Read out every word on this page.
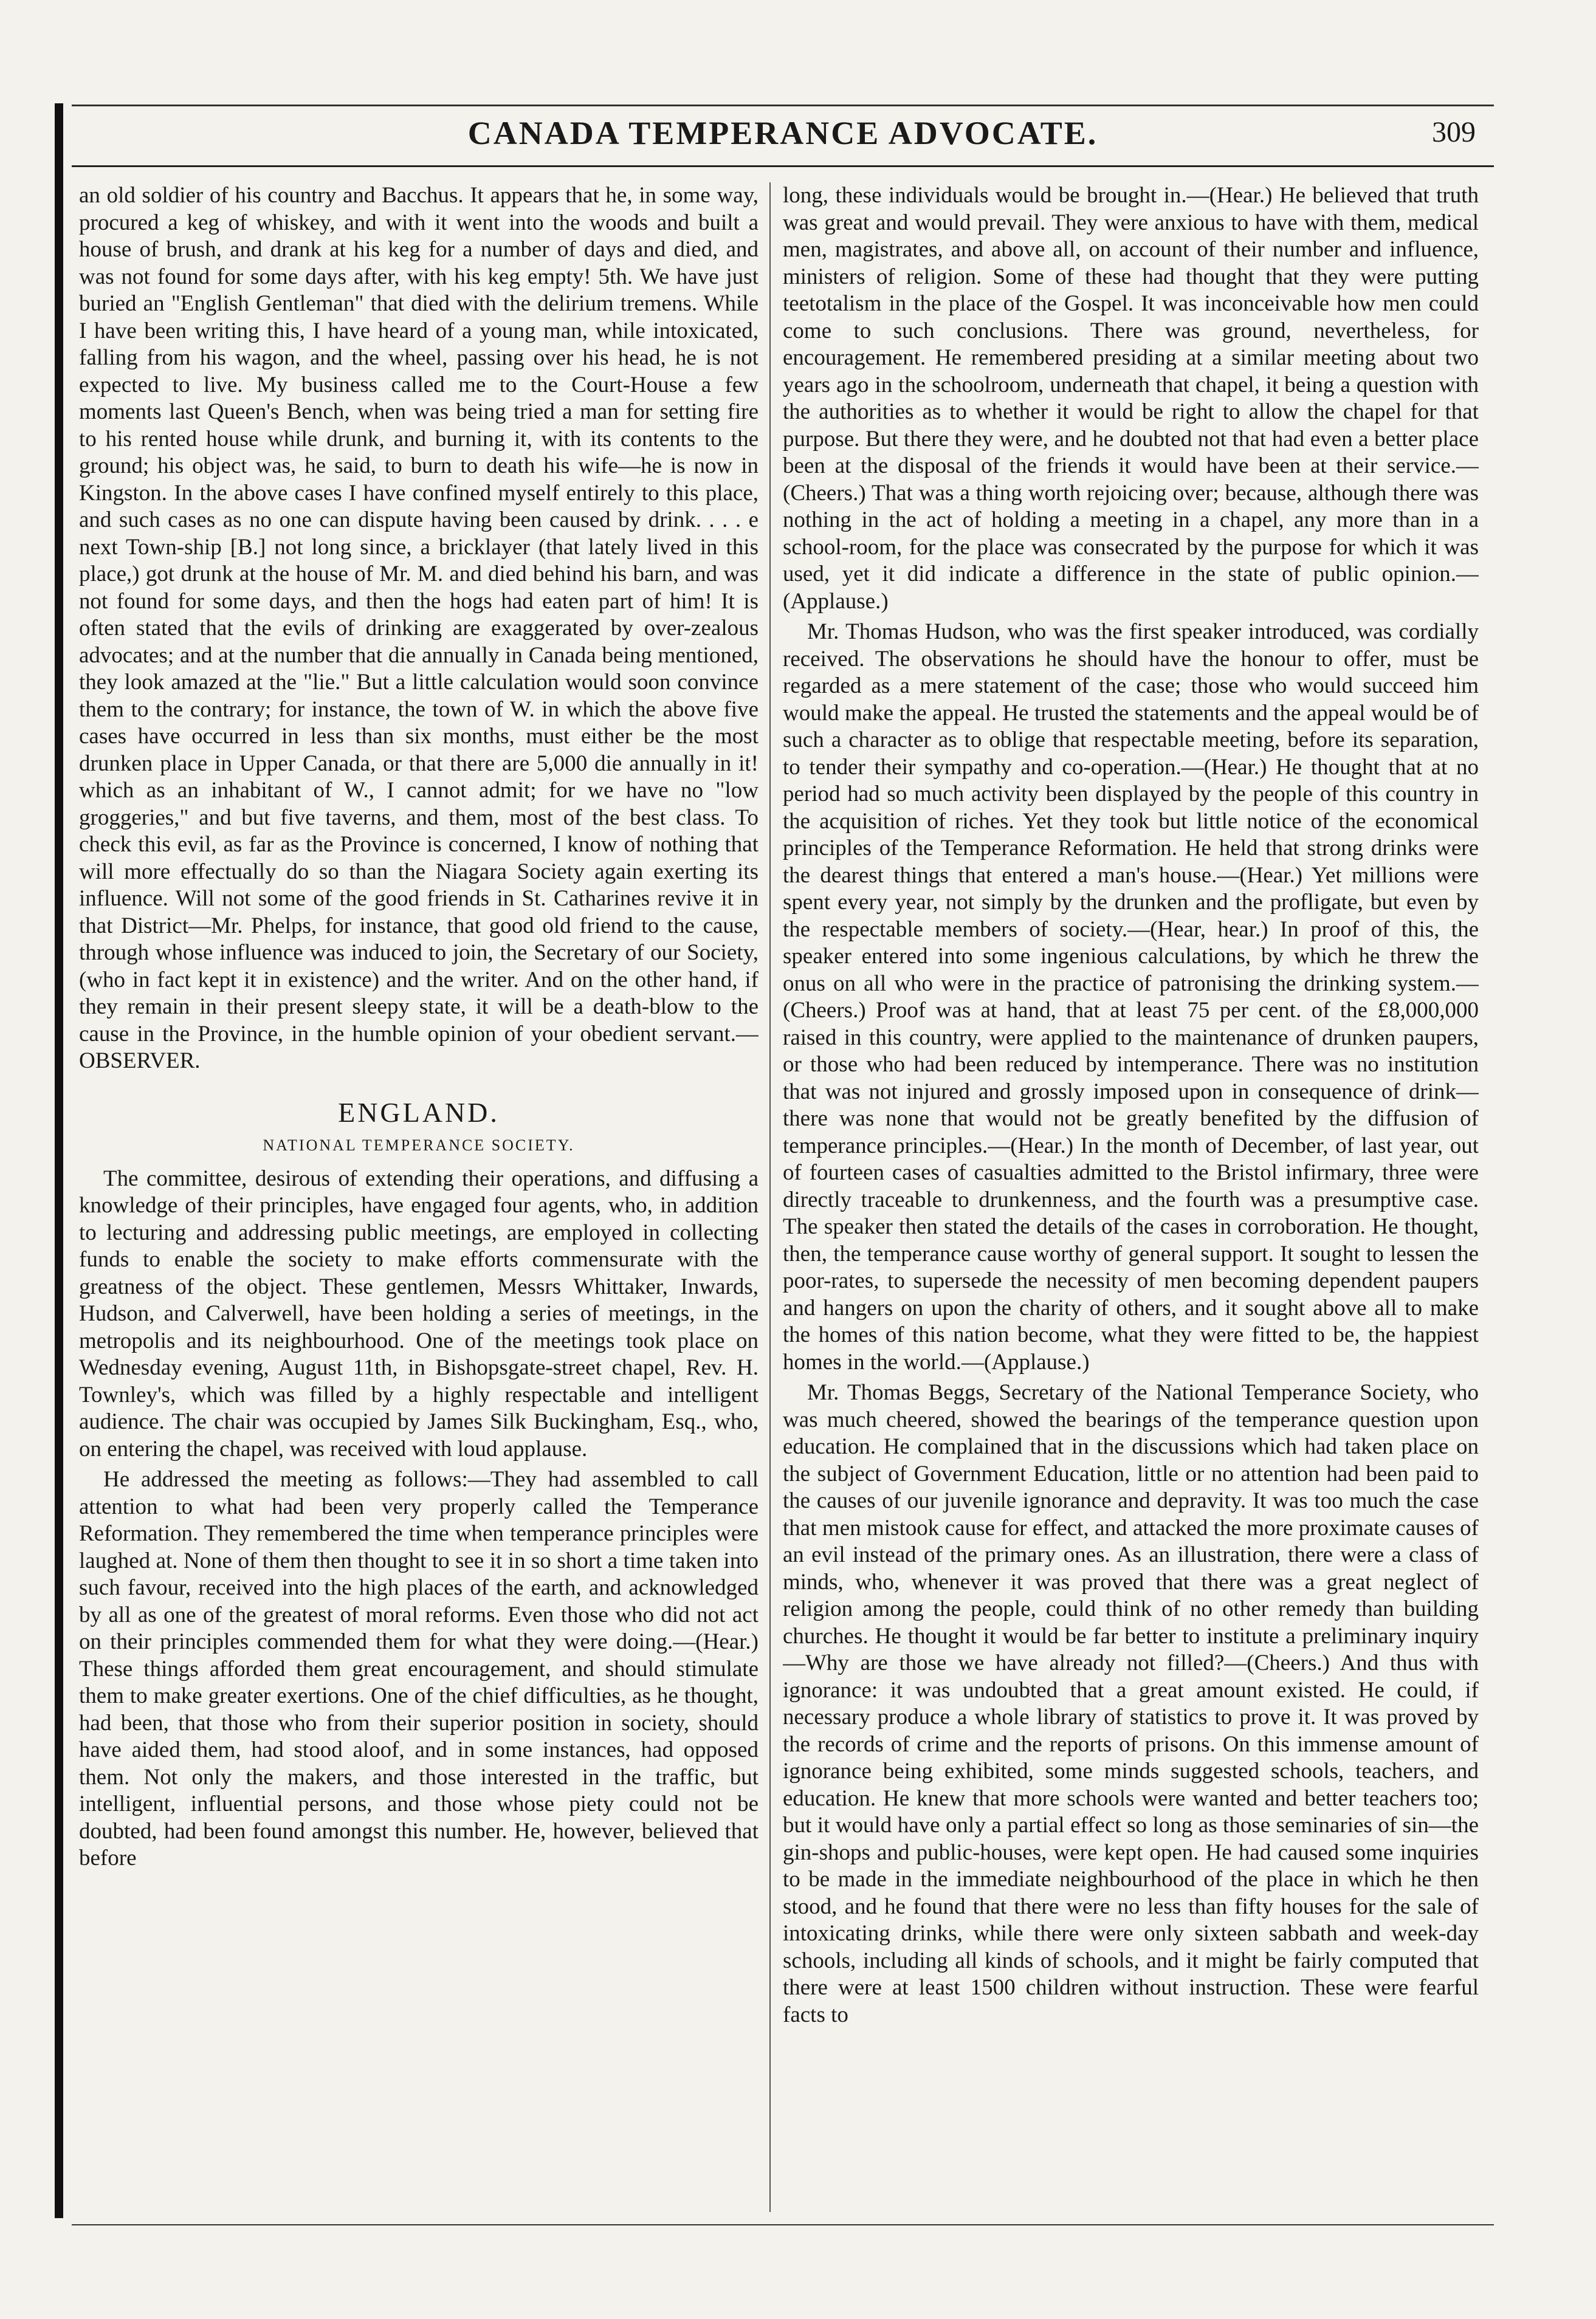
CANADA TEMPERANCE ADVOCATE.	309

an old soldier of his country and Bacchus. It appears that he, in some way, procured a keg of whiskey, and with it went into the woods and built a house of brush, and drank at his keg for a number of days and died, and was not found for some days after, with his keg empty! 5th. We have just buried an "English Gentleman" that died with the delirium tremens. While I have been writing this, I have heard of a young man, while intoxicated, falling from his wagon, and the wheel, passing over his head, he is not expected to live. My business called me to the Court-House a few moments last Queen's Bench, when was being tried a man for setting fire to his rented house while drunk, and burning it, with its contents to the ground; his object was, he said, to burn to death his wife—he is now in Kingston. In the above cases I have confined myself entirely to this place, and such cases as no one can dispute having been caused by drink. . . . e next Town-ship [B.] not long since, a bricklayer (that lately lived in this place,) got drunk at the house of Mr. M. and died behind his barn, and was not found for some days, and then the hogs had eaten part of him! It is often stated that the evils of drinking are exaggerated by over-zealous advocates; and at the number that die annually in Canada being mentioned, they look amazed at the "lie." But a little calculation would soon convince them to the contrary; for instance, the town of W. in which the above five cases have occurred in less than six months, must either be the most drunken place in Upper Canada, or that there are 5,000 die annually in it! which as an inhabitant of W., I cannot admit; for we have no "low groggeries," and but five taverns, and them, most of the best class. To check this evil, as far as the Province is concerned, I know of nothing that will more effectually do so than the Niagara Society again exerting its influence. Will not some of the good friends in St. Catharines revive it in that District—Mr. Phelps, for instance, that good old friend to the cause, through whose influence was induced to join, the Secretary of our Society, (who in fact kept it in existence) and the writer. And on the other hand, if they remain in their present sleepy state, it will be a death-blow to the cause in the Province, in the humble opinion of your obedient servant.—OBSERVER.

ENGLAND.
NATIONAL TEMPERANCE SOCIETY.

The committee, desirous of extending their operations, and diffusing a knowledge of their principles, have engaged four agents, who, in addition to lecturing and addressing public meetings, are employed in collecting funds to enable the society to make efforts commensurate with the greatness of the object. These gentlemen, Messrs Whittaker, Inwards, Hudson, and Calverwell, have been holding a series of meetings, in the metropolis and its neighbourhood. One of the meetings took place on Wednesday evening, August 11th, in Bishopsgate-street chapel, Rev. H. Townley's, which was filled by a highly respectable and intelligent audience. The chair was occupied by James Silk Buckingham, Esq., who, on entering the chapel, was received with loud applause.

He addressed the meeting as follows:—They had assembled to call attention to what had been very properly called the Temperance Reformation. They remembered the time when temperance principles were laughed at. None of them then thought to see it in so short a time taken into such favour, received into the high places of the earth, and acknowledged by all as one of the greatest of moral reforms. Even those who did not act on their principles commended them for what they were doing.—(Hear.) These things afforded them great encouragement, and should stimulate them to make greater exertions. One of the chief difficulties, as he thought, had been, that those who from their superior position in society, should have aided them, had stood aloof, and in some instances, had opposed them. Not only the makers, and those interested in the traffic, but intelligent, influential persons, and those whose piety could not be doubted, had been found amongst this number. He, however, believed that before

long, these individuals would be brought in.—(Hear.) He believed that truth was great and would prevail. They were anxious to have with them, medical men, magistrates, and above all, on account of their number and influence, ministers of religion. Some of these had thought that they were putting teetotalism in the place of the Gospel. It was inconceivable how men could come to such conclusions. There was ground, nevertheless, for encouragement. He remembered presiding at a similar meeting about two years ago in the schoolroom, underneath that chapel, it being a question with the authorities as to whether it would be right to allow the chapel for that purpose. But there they were, and he doubted not that had even a better place been at the disposal of the friends it would have been at their service.—(Cheers.) That was a thing worth rejoicing over; because, although there was nothing in the act of holding a meeting in a chapel, any more than in a school-room, for the place was consecrated by the purpose for which it was used, yet it did indicate a difference in the state of public opinion.—(Applause.)

Mr. Thomas Hudson, who was the first speaker introduced, was cordially received. The observations he should have the honour to offer, must be regarded as a mere statement of the case; those who would succeed him would make the appeal. He trusted the statements and the appeal would be of such a character as to oblige that respectable meeting, before its separation, to tender their sympathy and co-operation.—(Hear.) He thought that at no period had so much activity been displayed by the people of this country in the acquisition of riches. Yet they took but little notice of the economical principles of the Temperance Reformation. He held that strong drinks were the dearest things that entered a man's house.—(Hear.) Yet millions were spent every year, not simply by the drunken and the profligate, but even by the respectable members of society.—(Hear, hear.) In proof of this, the speaker entered into some ingenious calculations, by which he threw the onus on all who were in the practice of patronising the drinking system.—(Cheers.) Proof was at hand, that at least 75 per cent. of the £8,000,000 raised in this country, were applied to the maintenance of drunken paupers, or those who had been reduced by intemperance. There was no institution that was not injured and grossly imposed upon in consequence of drink—there was none that would not be greatly benefited by the diffusion of temperance principles.—(Hear.) In the month of December, of last year, out of fourteen cases of casualties admitted to the Bristol infirmary, three were directly traceable to drunkenness, and the fourth was a presumptive case. The speaker then stated the details of the cases in corroboration. He thought, then, the temperance cause worthy of general support. It sought to lessen the poor-rates, to supersede the necessity of men becoming dependent paupers and hangers on upon the charity of others, and it sought above all to make the homes of this nation become, what they were fitted to be, the happiest homes in the world.—(Applause.)

Mr. Thomas Beggs, Secretary of the National Temperance Society, who was much cheered, showed the bearings of the temperance question upon education. He complained that in the discussions which had taken place on the subject of Government Education, little or no attention had been paid to the causes of our juvenile ignorance and depravity. It was too much the case that men mistook cause for effect, and attacked the more proximate causes of an evil instead of the primary ones. As an illustration, there were a class of minds, who, whenever it was proved that there was a great neglect of religion among the people, could think of no other remedy than building churches. He thought it would be far better to institute a preliminary inquiry—Why are those we have already not filled?—(Cheers.) And thus with ignorance: it was undoubted that a great amount existed. He could, if necessary produce a whole library of statistics to prove it. It was proved by the records of crime and the reports of prisons. On this immense amount of ignorance being exhibited, some minds suggested schools, teachers, and education. He knew that more schools were wanted and better teachers too; but it would have only a partial effect so long as those seminaries of sin—the gin-shops and public-houses, were kept open. He had caused some inquiries to be made in the immediate neighbourhood of the place in which he then stood, and he found that there were no less than fifty houses for the sale of intoxicating drinks, while there were only sixteen sabbath and week-day schools, including all kinds of schools, and it might be fairly computed that there were at least 1500 children without instruction. These were fearful facts to
